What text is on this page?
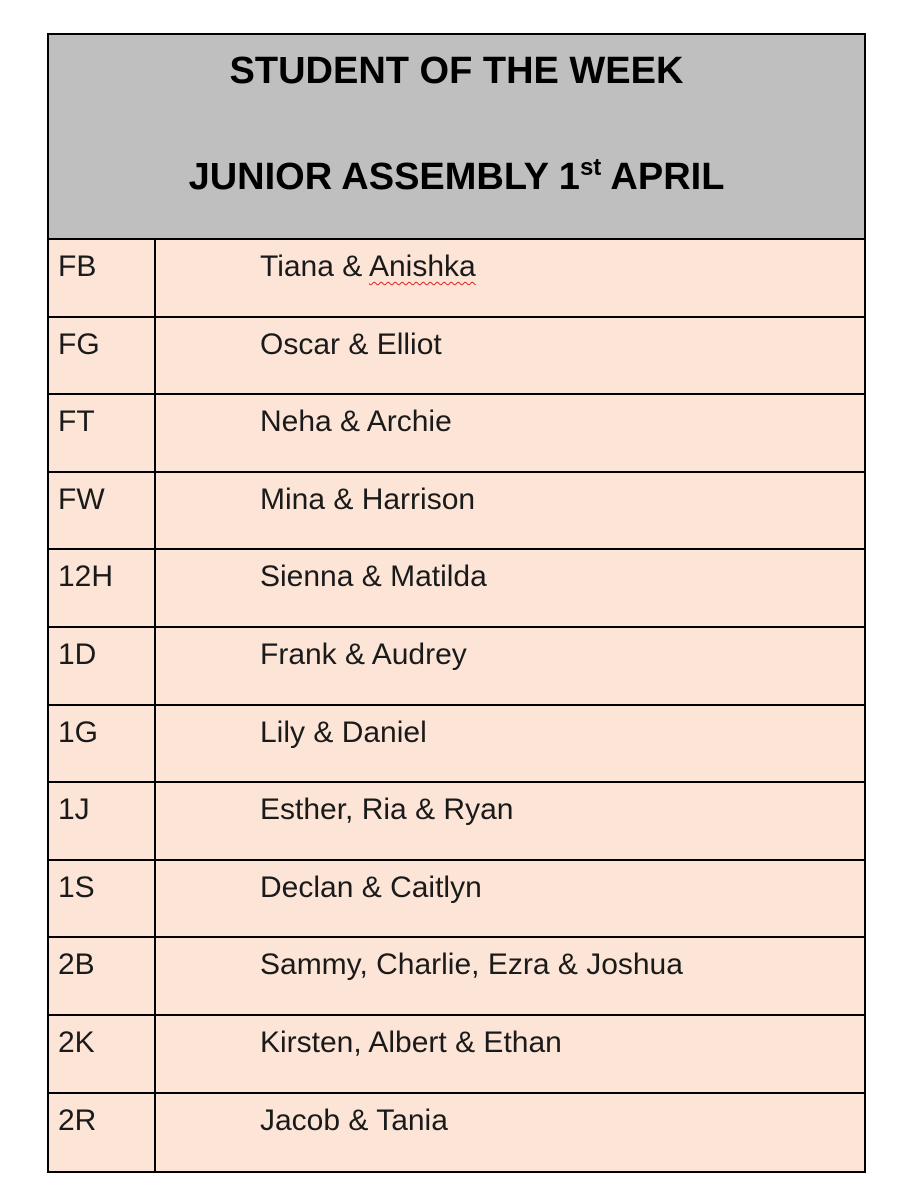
STUDENT OF THE WEEK
JUNIOR ASSEMBLY 1st APRIL
FB	Tiana & Anishka
FG	Oscar & Elliot
FT	Neha & Archie
FW	Mina & Harrison
12H	Sienna & Matilda
1D	Frank & Audrey
1G	Lily & Daniel
1J	Esther, Ria & Ryan
1S	Declan & Caitlyn
2B	Sammy, Charlie, Ezra & Joshua
2K	Kirsten, Albert & Ethan
2R	Jacob & Tania
